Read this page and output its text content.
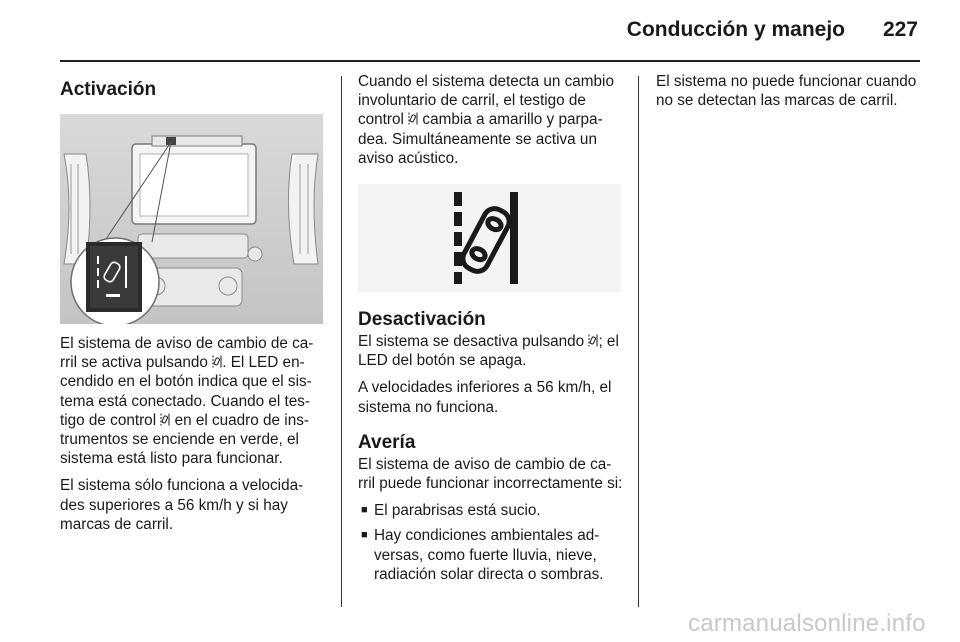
Conducción y manejo	227
Activación

El sistema de aviso de cambio de ca-rril se activa pulsando . El LED en-cendido en el botón indica que el sis-tema está conectado. Cuando el tes-tigo de control en el cuadro de ins-trumentos se enciende en verde, el sistema está listo para funcionar.

El sistema sólo funciona a velocida-des superiores a 56 km/h y si hay marcas de carril.

Cuando el sistema detecta un cambio involuntario de carril, el testigo de control cambia a amarillo y parpa-dea. Simultáneamente se activa un aviso acústico.

Desactivación

El sistema se desactiva pulsando ; el LED del botón se apaga.

A velocidades inferiores a 56 km/h, el sistema no funciona.

Avería

El sistema de aviso de cambio de ca-rril puede funcionar incorrectamente si:

■ El parabrisas está sucio.
■ Hay condiciones ambientales ad-versas, como fuerte lluvia, nieve, radiación solar directa o sombras.

El sistema no puede funcionar cuando no se detectan las marcas de carril.

carmanualsonline.info
